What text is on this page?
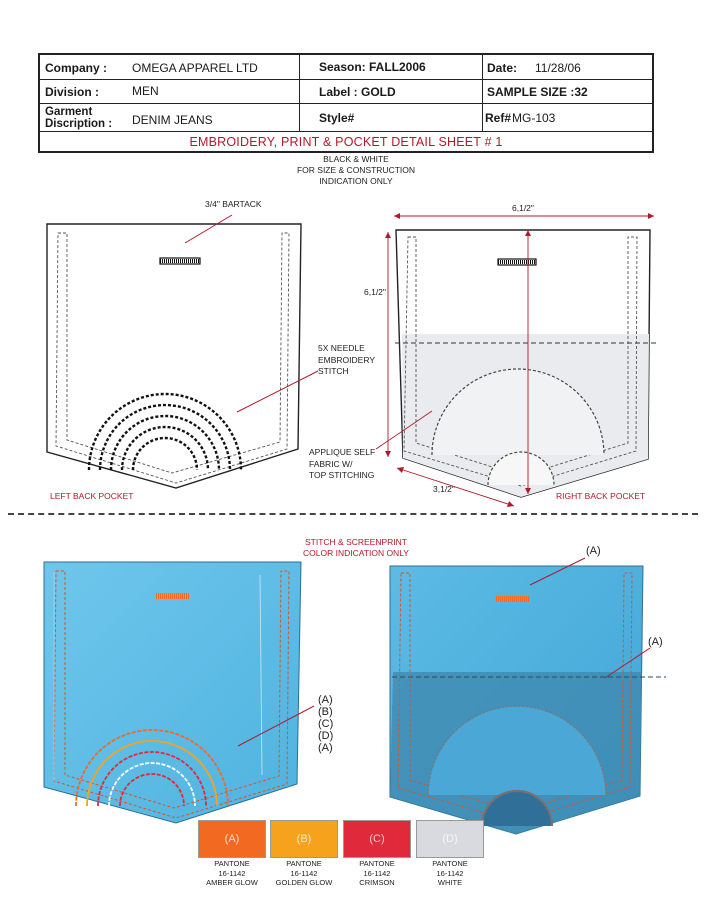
Company : OMEGA APPAREL LTD	Season: FALL2006	Date: 11/28/06
Division :	MEN	Label : GOLD	SAMPLE SIZE :32
Garment Discription : DENIM JEANS	Style#	Ref# MG-103
EMBROIDERY, PRINT & POCKET DETAIL SHEET # 1
BLACK & WHITE
FOR SIZE & CONSTRUCTION
INDICATION ONLY
3/4" BARTACK
5X NEEDLE
EMBROIDERY
STITCH
APPLIQUE SELF
FABRIC W/
TOP STITCHING
LEFT BACK POCKET	RIGHT BACK POCKET
6,1/2"
6,1/2"
3,1/2"
STITCH & SCREENPRINT
COLOR INDICATION ONLY
(A)
(B)
(C)
(D)
(A)
(A)
(A)
(A)	(B)	(C)	(D)
PANTONE
16-1142
AMBER GLOW
PANTONE
16-1142
GOLDEN GLOW
PANTONE
16-1142
CRIMSON
PANTONE
16-1142
WHITE
